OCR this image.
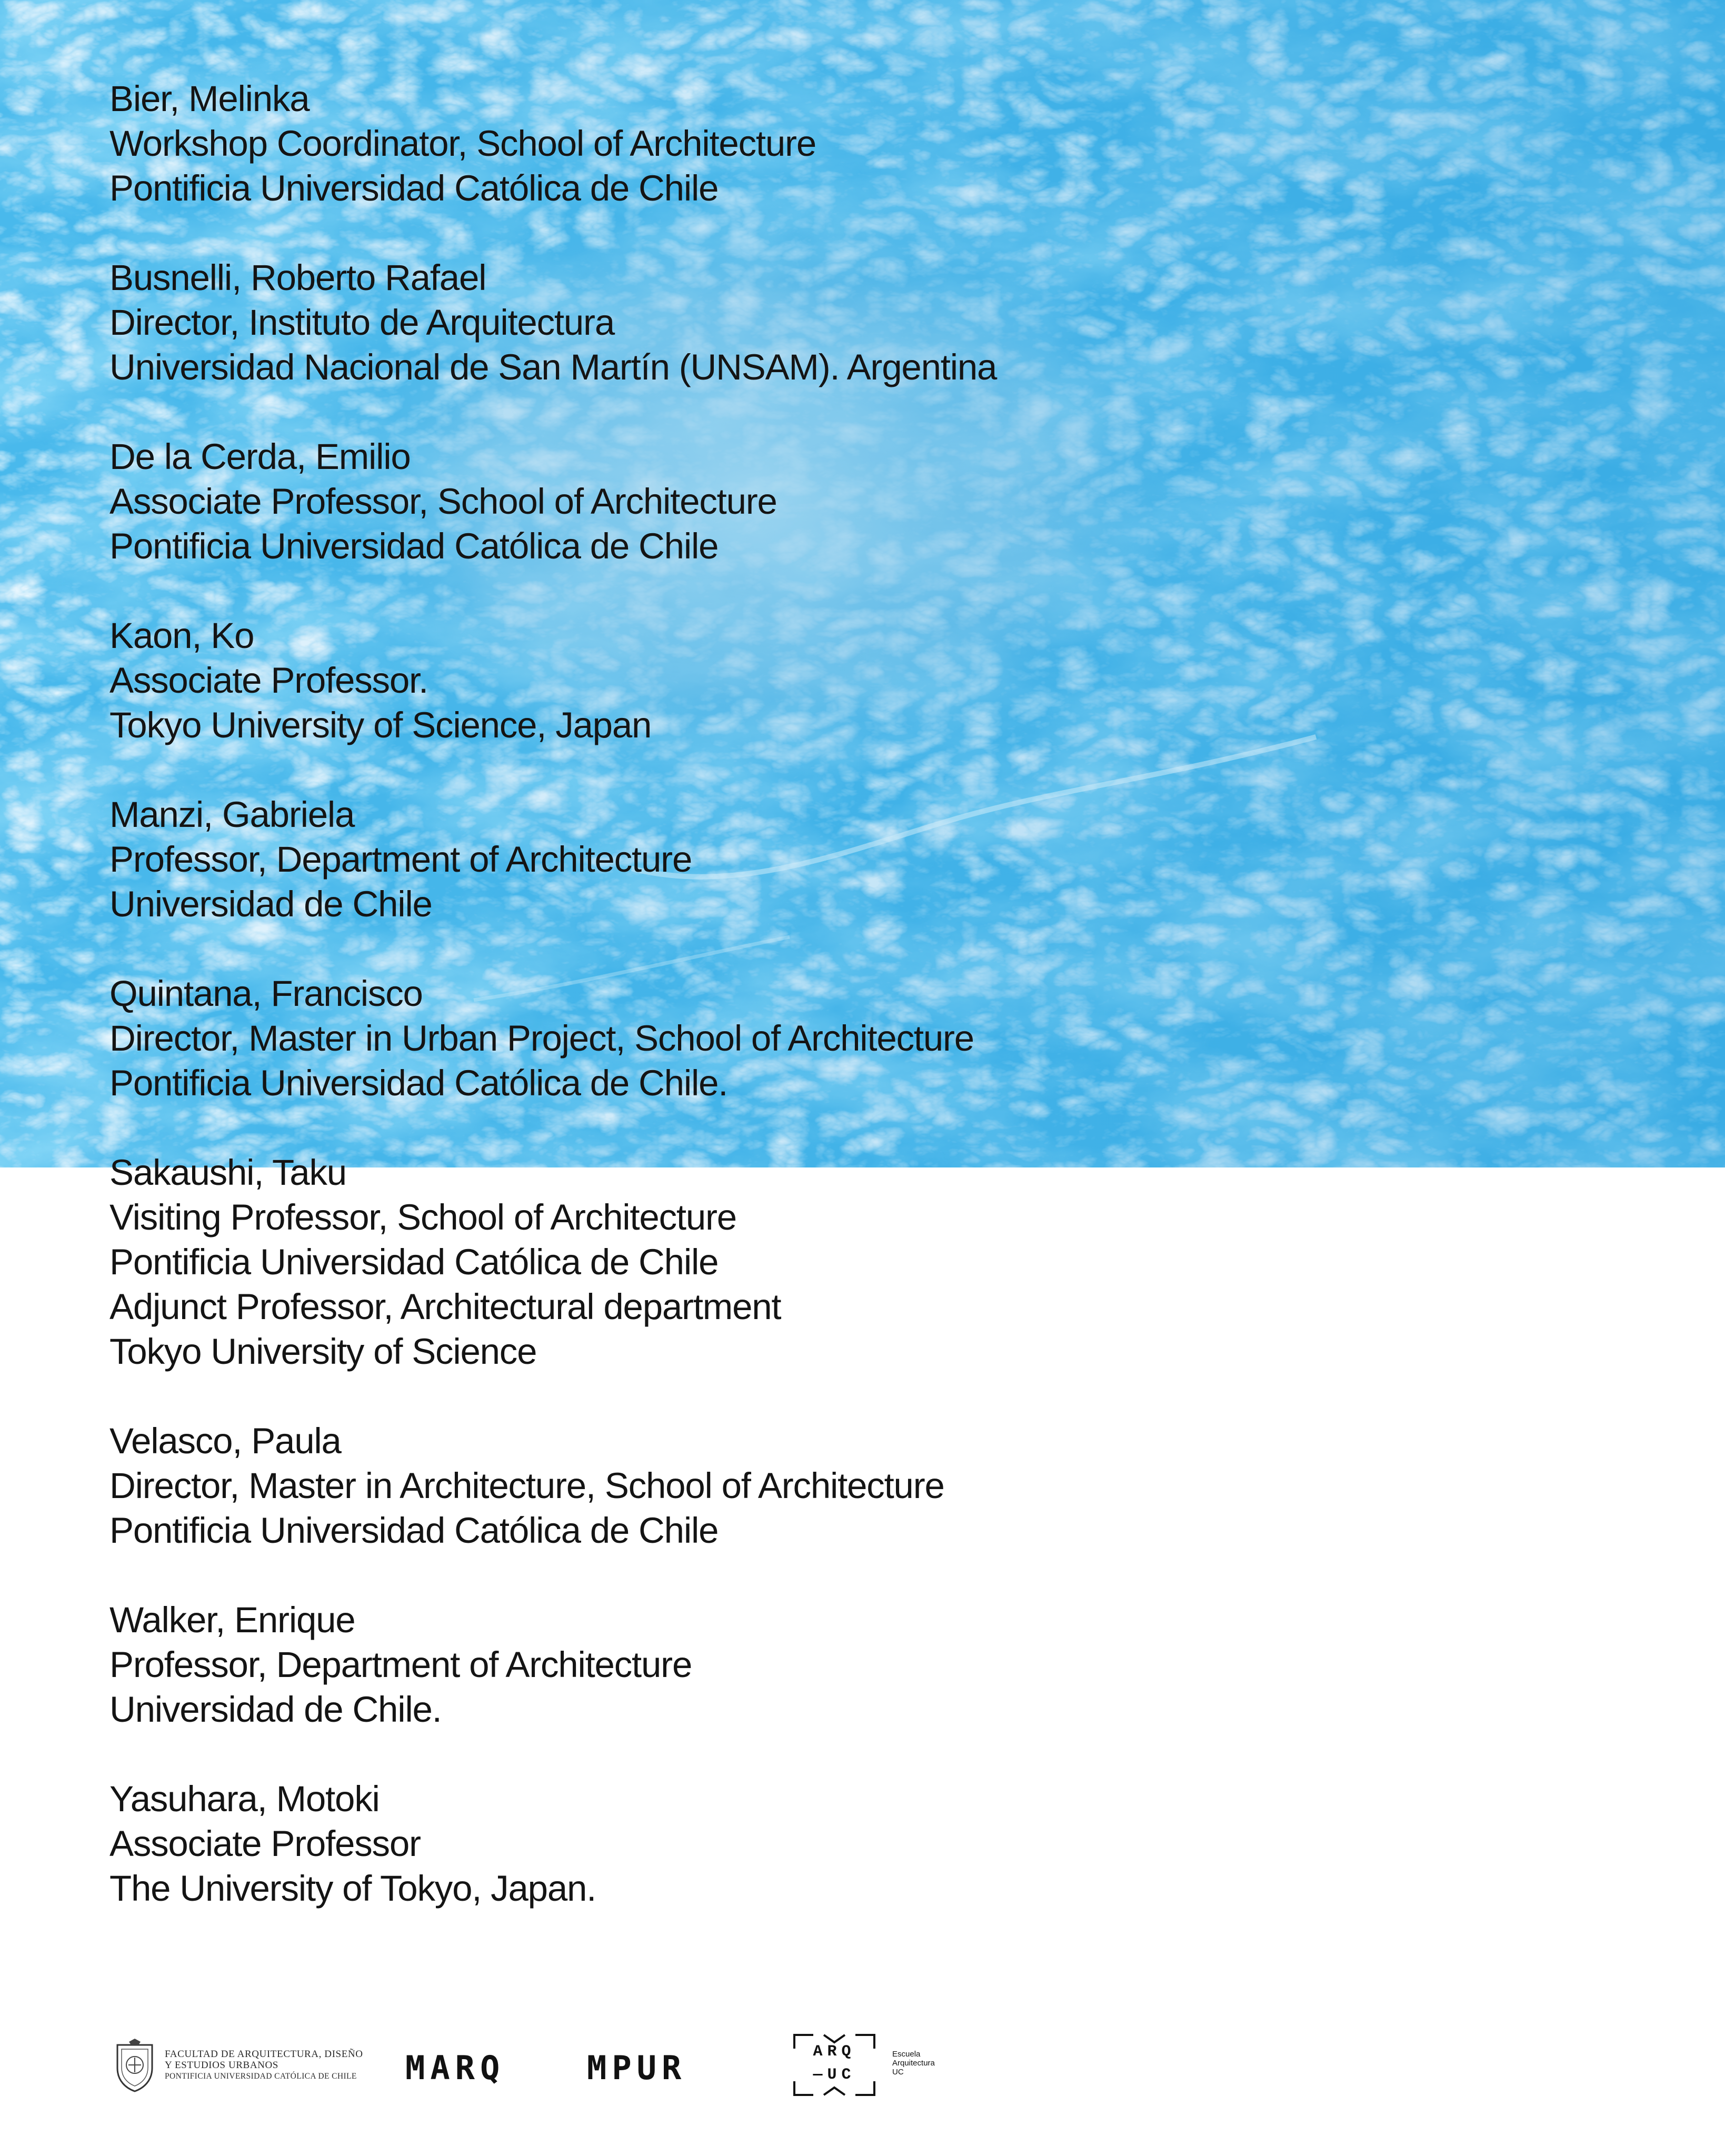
Bier, Melinka
Workshop Coordinator, School of Architecture
Pontificia Universidad Católica de Chile
Busnelli, Roberto Rafael
Director, Instituto de Arquitectura
Universidad Nacional de San Martín (UNSAM). Argentina
De la Cerda, Emilio
Associate Professor, School of Architecture
Pontificia Universidad Católica de Chile
Kaon, Ko
Associate Professor.
Tokyo University of Science, Japan
Manzi, Gabriela
Professor, Department of Architecture
Universidad de Chile
Quintana, Francisco
Director, Master in Urban Project, School of Architecture
Pontificia Universidad Católica de Chile.
Sakaushi, Taku
Visiting Professor, School of Architecture
Pontificia Universidad Católica de Chile
Adjunct Professor, Architectural department
Tokyo University of Science
Velasco, Paula
Director, Master in Architecture, School of Architecture
Pontificia Universidad Católica de Chile
Walker, Enrique
Professor, Department of Architecture
Universidad de Chile.
Yasuhara, Motoki
Associate Professor
The University of Tokyo, Japan.
FACULTAD DE ARQUITECTURA, DISEÑO
Y ESTUDIOS URBANOS
PONTIFICIA UNIVERSIDAD CATÓLICA DE CHILE MARQ	MPUR	ARQ
—UC
Escuela
Arquitectura
UC
